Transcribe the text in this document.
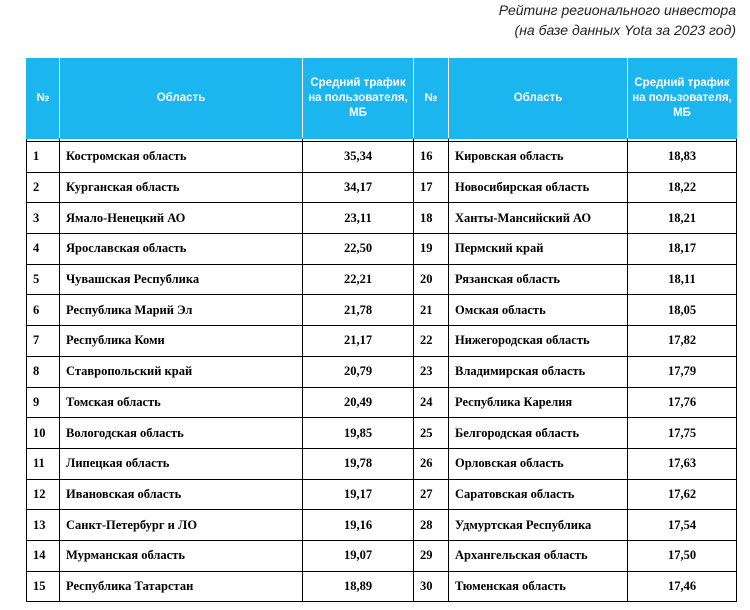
Рейтинг регионального инвестора
(на базе данных Yota за 2023 год)
№	Область	Средний трафик на пользователя, МБ	№	Область	Средний трафик на пользователя, МБ

1	Костромская область	35,34	16	Кировская область	18,83
2	Курганская область	34,17	17	Новосибирская область	18,22
3	Ямало-Ненецкий АО	23,11	18	Ханты-Мансийский АО	18,21
4	Ярославская область	22,50	19	Пермский край	18,17
5	Чувашская Республика	22,21	20	Рязанская область	18,11
6	Республика Марий Эл	21,78	21	Омская область	18,05
7	Республика Коми	21,17	22	Нижегородская область	17,82
8	Ставропольский край	20,79	23	Владимирская область	17,79
9	Томская область	20,49	24	Республика Карелия	17,76
10	Вологодская область	19,85	25	Белгородская область	17,75
11	Липецкая область	19,78	26	Орловская область	17,63
12	Ивановская область	19,17	27	Саратовская область	17,62
13	Санкт-Петербург и ЛО	19,16	28	Удмуртская Республика	17,54
14	Мурманская область	19,07	29	Архангельская область	17,50
15	Республика Татарстан	18,89	30	Тюменская область	17,46
